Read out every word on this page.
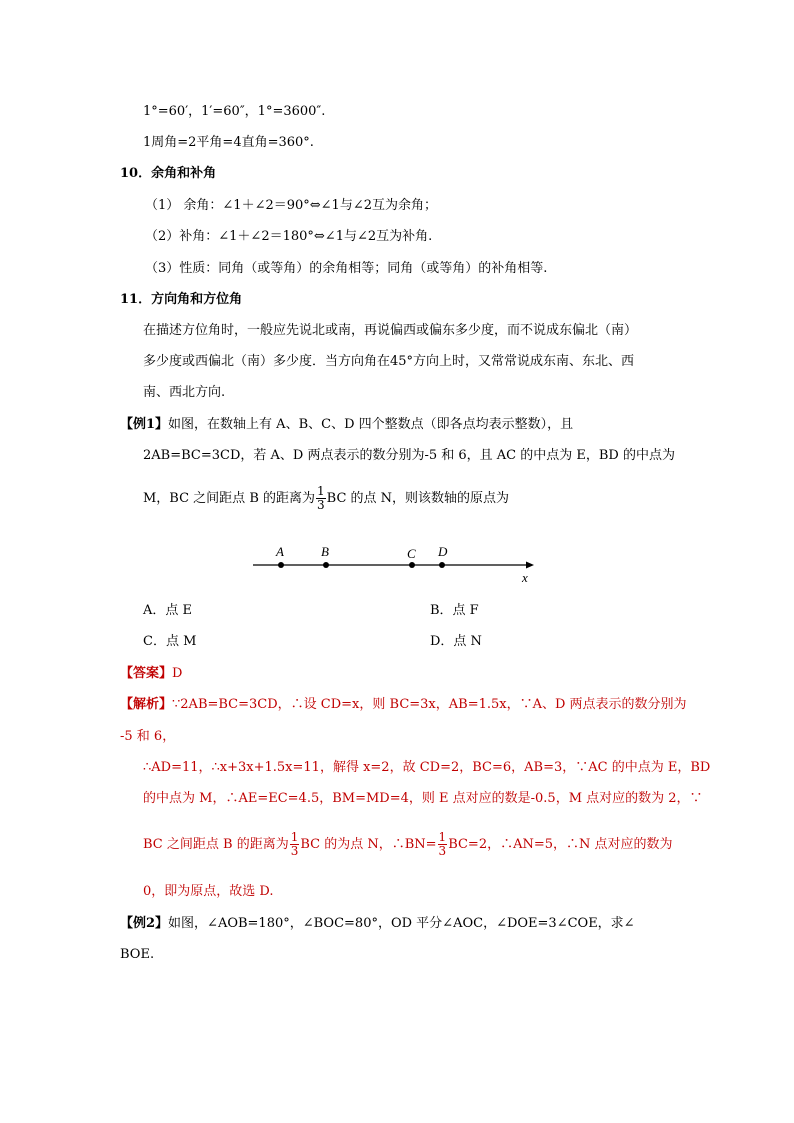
1°=60′，1′=60″，1°=3600″.
1周角=2平角=4直角=360°.
10．余角和补角
（1） 余角：∠1＋∠2＝90°⇔∠1与∠2互为余角；
（2）补角：∠1＋∠2＝180°⇔∠1与∠2互为补角.
（3）性质：同角（或等角）的余角相等；同角（或等角）的补角相等.
11．方向角和方位角
在描述方位角时，一般应先说北或南，再说偏西或偏东多少度，而不说成东偏北（南）
多少度或西偏北（南）多少度．当方向角在45°方向上时，又常常说成东南、东北、西
南、西北方向.
【例1】如图，在数轴上有 A、B、C、D 四个整数点（即各点均表示整数），且
2AB=BC=3CD，若 A、D 两点表示的数分别为-5 和 6，且 AC 的中点为 E，BD 的中点为
M，BC 之间距点 B 的距离为 $\frac{1}{3}$ BC 的点 N，则该数轴的原点为
A	B	C D
x
A．点 E	B．点 F
C．点 M	D．点 N
【答案】D
【解析】∵2AB=BC=3CD，∴设 CD=x，则 BC=3x，AB=1.5x，∵A、D 两点表示的数分别为
-5 和 6，
∴AD=11，∴x+3x+1.5x=11，解得 x=2，故 CD=2，BC=6，AB=3，∵AC 的中点为 E，BD
的中点为 M，∴AE=EC=4.5，BM=MD=4，则 E 点对应的数是-0.5，M 点对应的数为 2，∵
BC 之间距点 B 的距离为 $\frac{1}{3}$ BC 的为点 N，∴BN= $\frac{1}{3} BC=2$，∴AN=5，∴N 点对应的数为
0，即为原点，故选 D.
【例2】如图，∠AOB=180°，∠BOC=80°，OD 平分∠AOC，∠DOE=3∠COE，求∠
BOE.
